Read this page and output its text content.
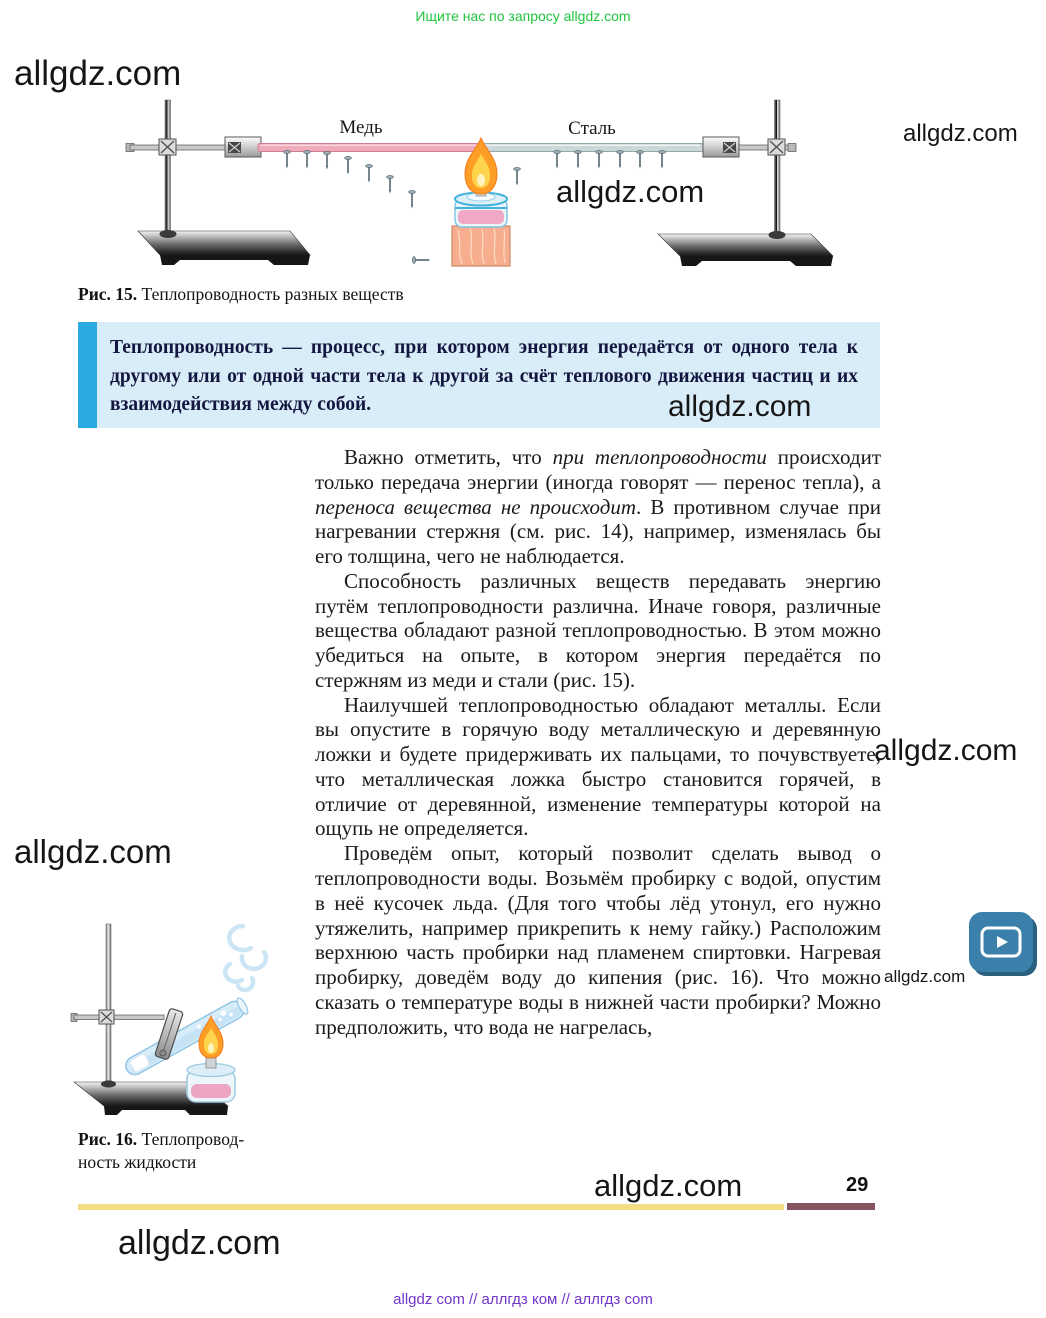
Ищите нас по запросу allgdz.com
allgdz.com
allgdz.com
Медь	Сталь
allgdz.com
Рис. 15. Теплопроводность разных веществ
Теплопроводность — процесс, при котором энергия передаётся от одного тела к другому или от одной части тела к другой за счёт теплового движения частиц и их взаимодействия между собой.	allgdz.com

Важно отметить, что при теплопроводности происходит только передача энергии (иногда говорят — перенос тепла), а переноса вещества не происходит. В противном случае при нагревании стержня (см. рис. 14), например, изменялась бы его толщина, чего не наблюдается.

Способность различных веществ передавать энергию путём теплопроводности различна. Иначе говоря, различные вещества обладают разной теплопроводностью. В этом можно убедиться на опыте, в котором энергия передаётся по стержням из меди и стали (рис. 15).

Наилучшей теплопроводностью обладают металлы. Если вы опустите в горячую воду металлическую и деревянную ложки и будете придерживать их пальцами, то почувствуете, что металлическая ложка быстро становится горячей, в отличие от деревянной, изменение температуры которой на ощупь не определяется.

Проведём опыт, который позволит сделать вывод о теплопроводности воды. Возьмём пробирку с водой, опустим в неё кусочек льда. (Для того чтобы лёд утонул, его нужно утяжелить, например прикрепить к нему гайку.) Расположим верхнюю часть пробирки над пламенем спиртовки. Нагревая пробирку, доведём воду до кипения (рис. 16). Что можно сказать о температуре воды в нижней части пробирки? Можно предположить, что вода не нагрелась,

allgdz.com
allgdz.com
Рис. 16. Теплопровод-
ность жидкости
allgdz.com
allgdz.com	29
allgdz.com
allgdz com // аллгдз ком // аллгдз com
